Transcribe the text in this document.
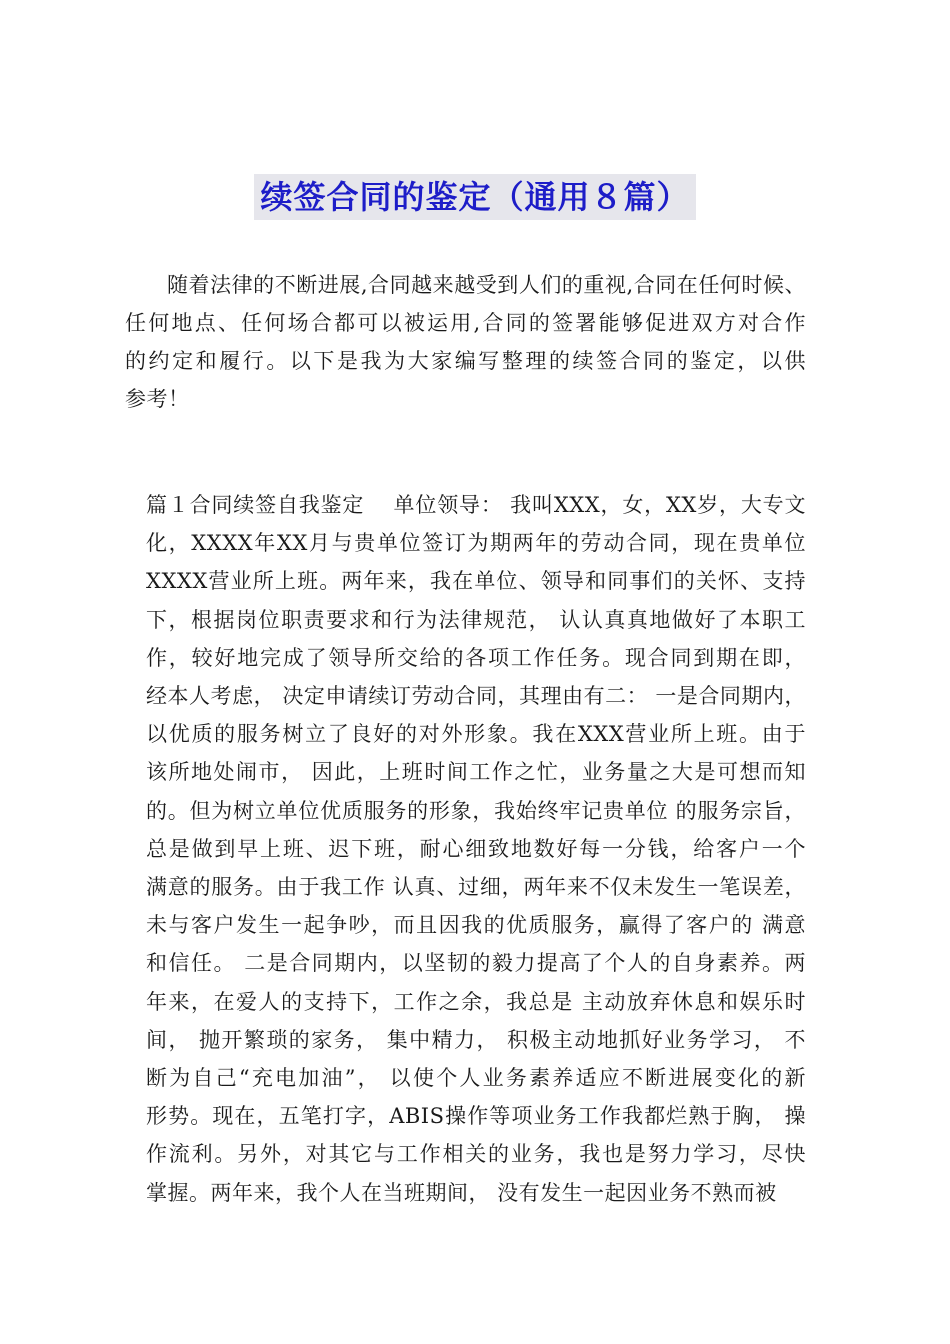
续签合同的鉴定（通用８篇）
随着法律的不断进展,合同越来越受到人们的重视,合同在任何时候、
任何地点、任何场合都可以被运用,合同的签署能够促进双方对合作
的约定和履行。以下是我为大家编写整理的续签合同的鉴定，以供
参考！
篇１合同续签自我鉴定　 单位领导： 我叫XXX，女，XX岁，大专文
化，XXXX年XX月与贵单位签订为期两年的劳动合同，现在贵单位
XXXX营业所上班。两年来，我在单位、领导和同事们的关怀、支持
下，根据岗位职责要求和行为法律规范， 认认真真地做好了本职工
作，较好地完成了领导所交给的各项工作任务。现合同到期在即，
经本人考虑， 决定申请续订劳动合同，其理由有二： 一是合同期内，
以优质的服务树立了良好的对外形象。我在XXX营业所上班。由于
该所地处闹市， 因此，上班时间工作之忙，业务量之大是可想而知
的。但为树立单位优质服务的形象，我始终牢记贵单位 的服务宗旨，
总是做到早上班、迟下班，耐心细致地数好每一分钱，给客户一个
满意的服务。由于我工作 认真、过细，两年来不仅未发生一笔误差，
未与客户发生一起争吵，而且因我的优质服务，赢得了客户的 满意
和信任。 二是合同期内，以坚韧的毅力提高了个人的自身素养。两
年来，在爱人的支持下，工作之余，我总是 主动放弃休息和娱乐时
间， 抛开繁琐的家务， 集中精力， 积极主动地抓好业务学习， 不
断为自己“充电加油”， 以使个人业务素养适应不断进展变化的新
形势。现在，五笔打字，ABIS操作等项业务工作我都烂熟于胸， 操
作流利。另外，对其它与工作相关的业务，我也是努力学习，尽快
掌握。两年来，我个人在当班期间， 没有发生一起因业务不熟而被
